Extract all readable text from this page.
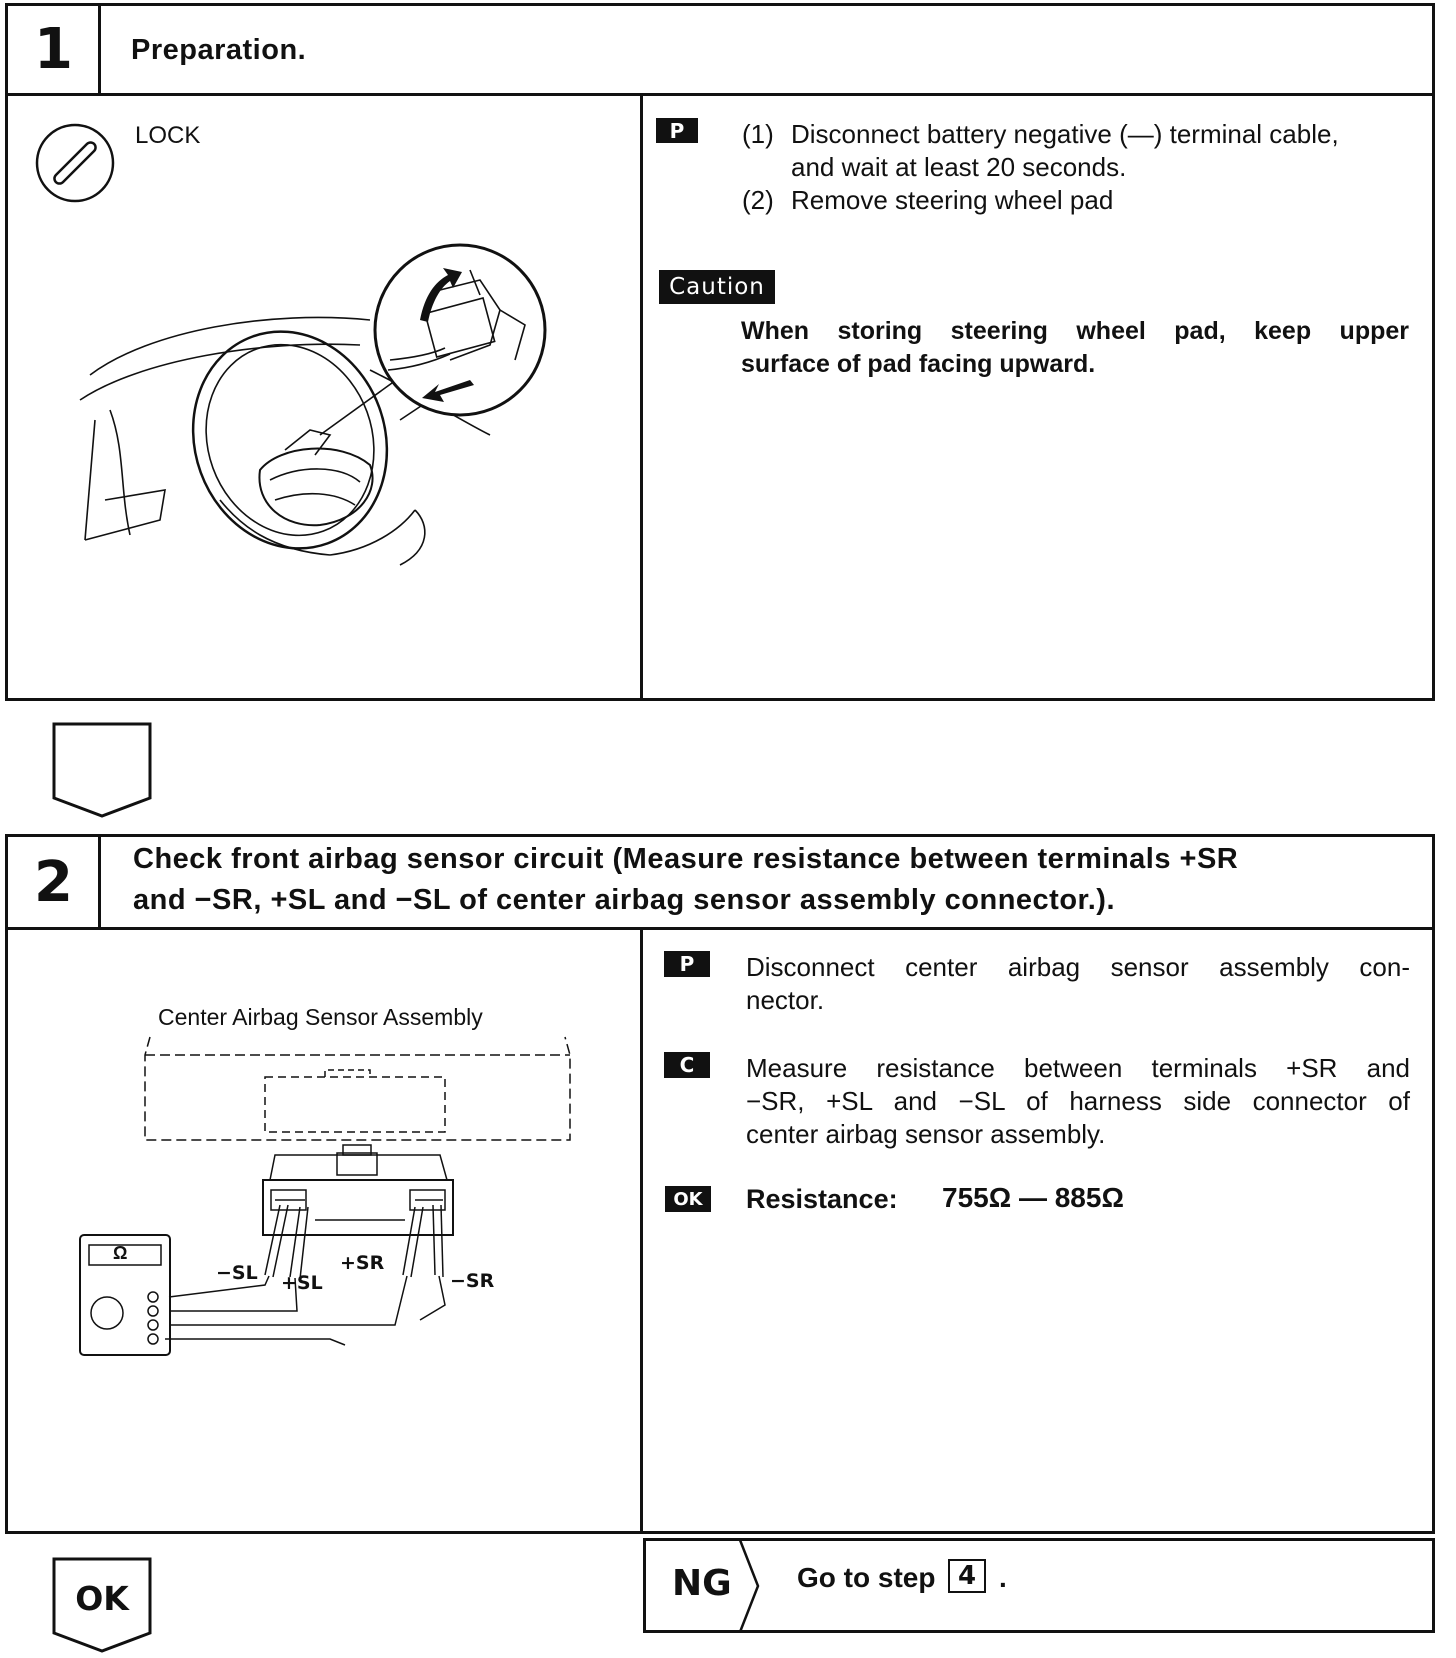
1 Preparation.
LOCK	P	(1) Disconnect battery negative (—) terminal cable,
and wait at least 20 seconds.
(2) Remove steering wheel pad
Caution
When storing steering wheel pad, keep upper
surface of pad facing upward.
2 Check front airbag sensor circuit (Measure resistance between terminals +SR
and −SR, +SL and −SL of center airbag sensor assembly connector.).
Center Airbag Sensor Assembly
Ω
−SL +SL
+SR
−SR
P	Disconnect center airbag sensor assembly con-
nector.
C	Measure resistance between terminals +SR and
−SR, +SL and −SL of harness side connector of
center airbag sensor assembly.
OK	Resistance: 755Ω — 885Ω
OK	NG Go to step 4 .
